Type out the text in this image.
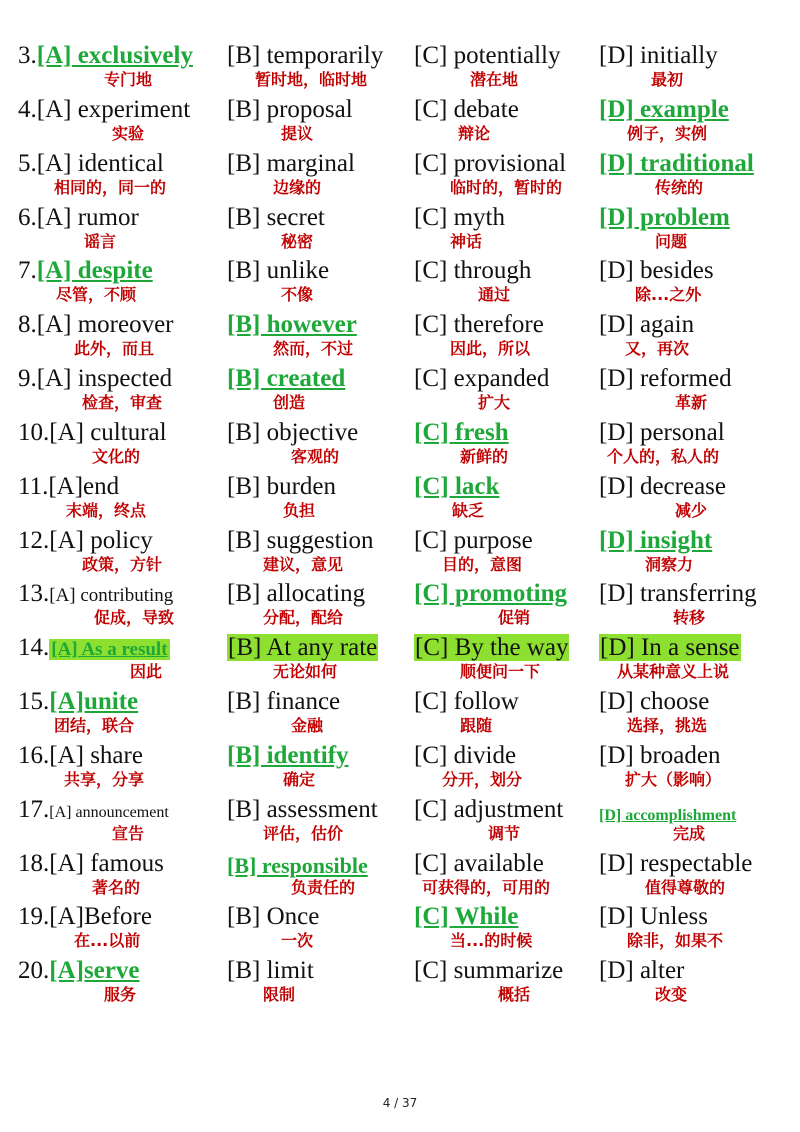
3.[A] exclusively
专门地
[B] temporarily
暂时地，临时地
[C] potentially
潜在地
[D] initially
最初
4.[A] experiment
实验
[B] proposal
提议
[C] debate
辩论
[D] example
例子，实例
5.[A] identical
相同的，同一的
[B] marginal
边缘的
[C] provisional
临时的，暂时的
[D] traditional
传统的
6.[A] rumor
谣言
[B] secret
秘密
[C] myth
神话
[D] problem
问题
7.[A] despite
尽管，不顾
[B] unlike
不像
[C] through
通过
[D] besides
除...之外
8.[A] moreover
此外，而且
[B] however
然而，不过
[C] therefore
因此，所以
[D] again
又，再次
9.[A] inspected
检查，审查
[B] created
创造
[C] expanded
扩大
[D] reformed
革新
10.[A] cultural
文化的
[B] objective
客观的
[C] fresh
新鲜的
[D] personal
个人的，私人的
11.[A]end
末端，终点
[B] burden
负担
[C] lack
缺乏
[D] decrease
减少
12.[A] policy
政策，方针
[B] suggestion
建议，意见
[C] purpose
目的，意图
[D] insight
洞察力
13.[A] contributing
促成，导致
[B] allocating
分配，配给
[C] promoting
促销
[D] transferring
转移
14. [A] As a result
因此
[B] At any rate
无论如何
[C] By the way
顺便问一下
[D] In a sense
从某种意义上说
15.[A]unite
团结，联合
[B] finance
金融
[C] follow
跟随
[D] choose
选择，挑选
16.[A] share
共享，分享
[B] identify
确定
[C] divide
分开，划分
[D] broaden
扩大（影响）
17.[A] announcement
宣告
[B] assessment
评估，估价
[C] adjustment
调节
[D] accomplishment
完成
18.[A] famous
著名的
[B] responsible
负责任的
[C] available
可获得的，可用的
[D] respectable
值得尊敬的
19.[A]Before
在...以前
[B] Once
一次
[C] While
当...的时候
[D] Unless
除非，如果不
20.[A]serve
服务
[B] limit
限制
[C] summarize
概括
[D] alter
改变
4 / 37
